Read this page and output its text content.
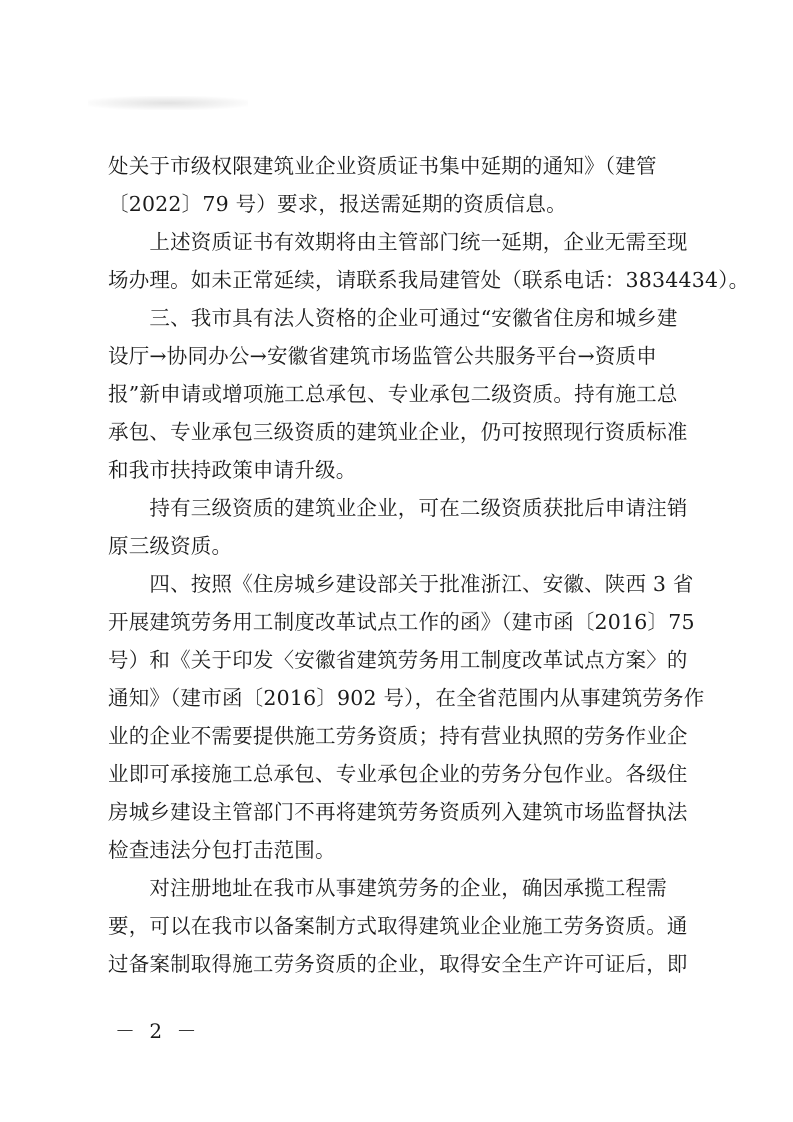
处关于市级权限建筑业企业资质证书集中延期的通知》（建管
〔2022〕79 号）要求，报送需延期的资质信息。
　　上述资质证书有效期将由主管部门统一延期，企业无需至现
场办理。如未正常延续，请联系我局建管处（联系电话：3834434）。
　　三、我市具有法人资格的企业可通过“安徽省住房和城乡建
设厅→协同办公→安徽省建筑市场监管公共服务平台→资质申
报”新申请或增项施工总承包、专业承包二级资质。持有施工总
承包、专业承包三级资质的建筑业企业，仍可按照现行资质标准
和我市扶持政策申请升级。
　　持有三级资质的建筑业企业，可在二级资质获批后申请注销
原三级资质。
　　四、按照《住房城乡建设部关于批准浙江、安徽、陕西 3 省
开展建筑劳务用工制度改革试点工作的函》（建市函〔2016〕75
号）和《关于印发〈安徽省建筑劳务用工制度改革试点方案〉的
通知》（建市函〔2016〕902 号），在全省范围内从事建筑劳务作
业的企业不需要提供施工劳务资质；持有营业执照的劳务作业企
业即可承接施工总承包、专业承包企业的劳务分包作业。各级住
房城乡建设主管部门不再将建筑劳务资质列入建筑市场监督执法
检查违法分包打击范围。
　　对注册地址在我市从事建筑劳务的企业，确因承揽工程需
要，可以在我市以备案制方式取得建筑业企业施工劳务资质。通
过备案制取得施工劳务资质的企业，取得安全生产许可证后，即
－ 2 －
